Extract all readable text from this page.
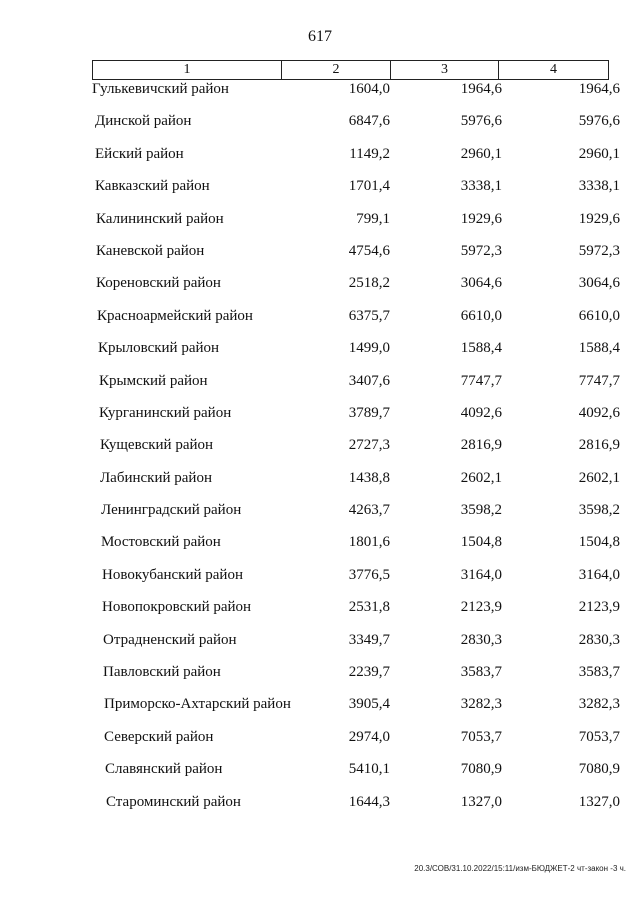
617
1	2	3	4
Гулькевичский район	1604,0	1964,6	1964,6
Динской район	6847,6	5976,6	5976,6
Ейский район	1149,2	2960,1	2960,1
Кавказский район	1701,4	3338,1	3338,1
Калининский район	799,1	1929,6	1929,6
Каневской район	4754,6	5972,3	5972,3
Кореновский район	2518,2	3064,6	3064,6
Красноармейский район	6375,7	6610,0	6610,0
Крыловский район	1499,0	1588,4	1588,4
Крымский район	3407,6	7747,7	7747,7
Курганинский район	3789,7	4092,6	4092,6
Кущевский район	2727,3	2816,9	2816,9
Лабинский район	1438,8	2602,1	2602,1
Ленинградский район	4263,7	3598,2	3598,2
Мостовский район	1801,6	1504,8	1504,8
Новокубанский район	3776,5	3164,0	3164,0
Новопокровский район	2531,8	2123,9	2123,9
Отрадненский район	3349,7	2830,3	2830,3
Павловский район	2239,7	3583,7	3583,7
Приморско-Ахтарский район	3905,4	3282,3	3282,3
Северский район	2974,0	7053,7	7053,7
Славянский район	5410,1	7080,9	7080,9
Староминский район	1644,3	1327,0	1327,0
20.3/СОВ/31.10.2022/15:11/изм-БЮДЖЕТ-2 чт-закон -3 ч.
